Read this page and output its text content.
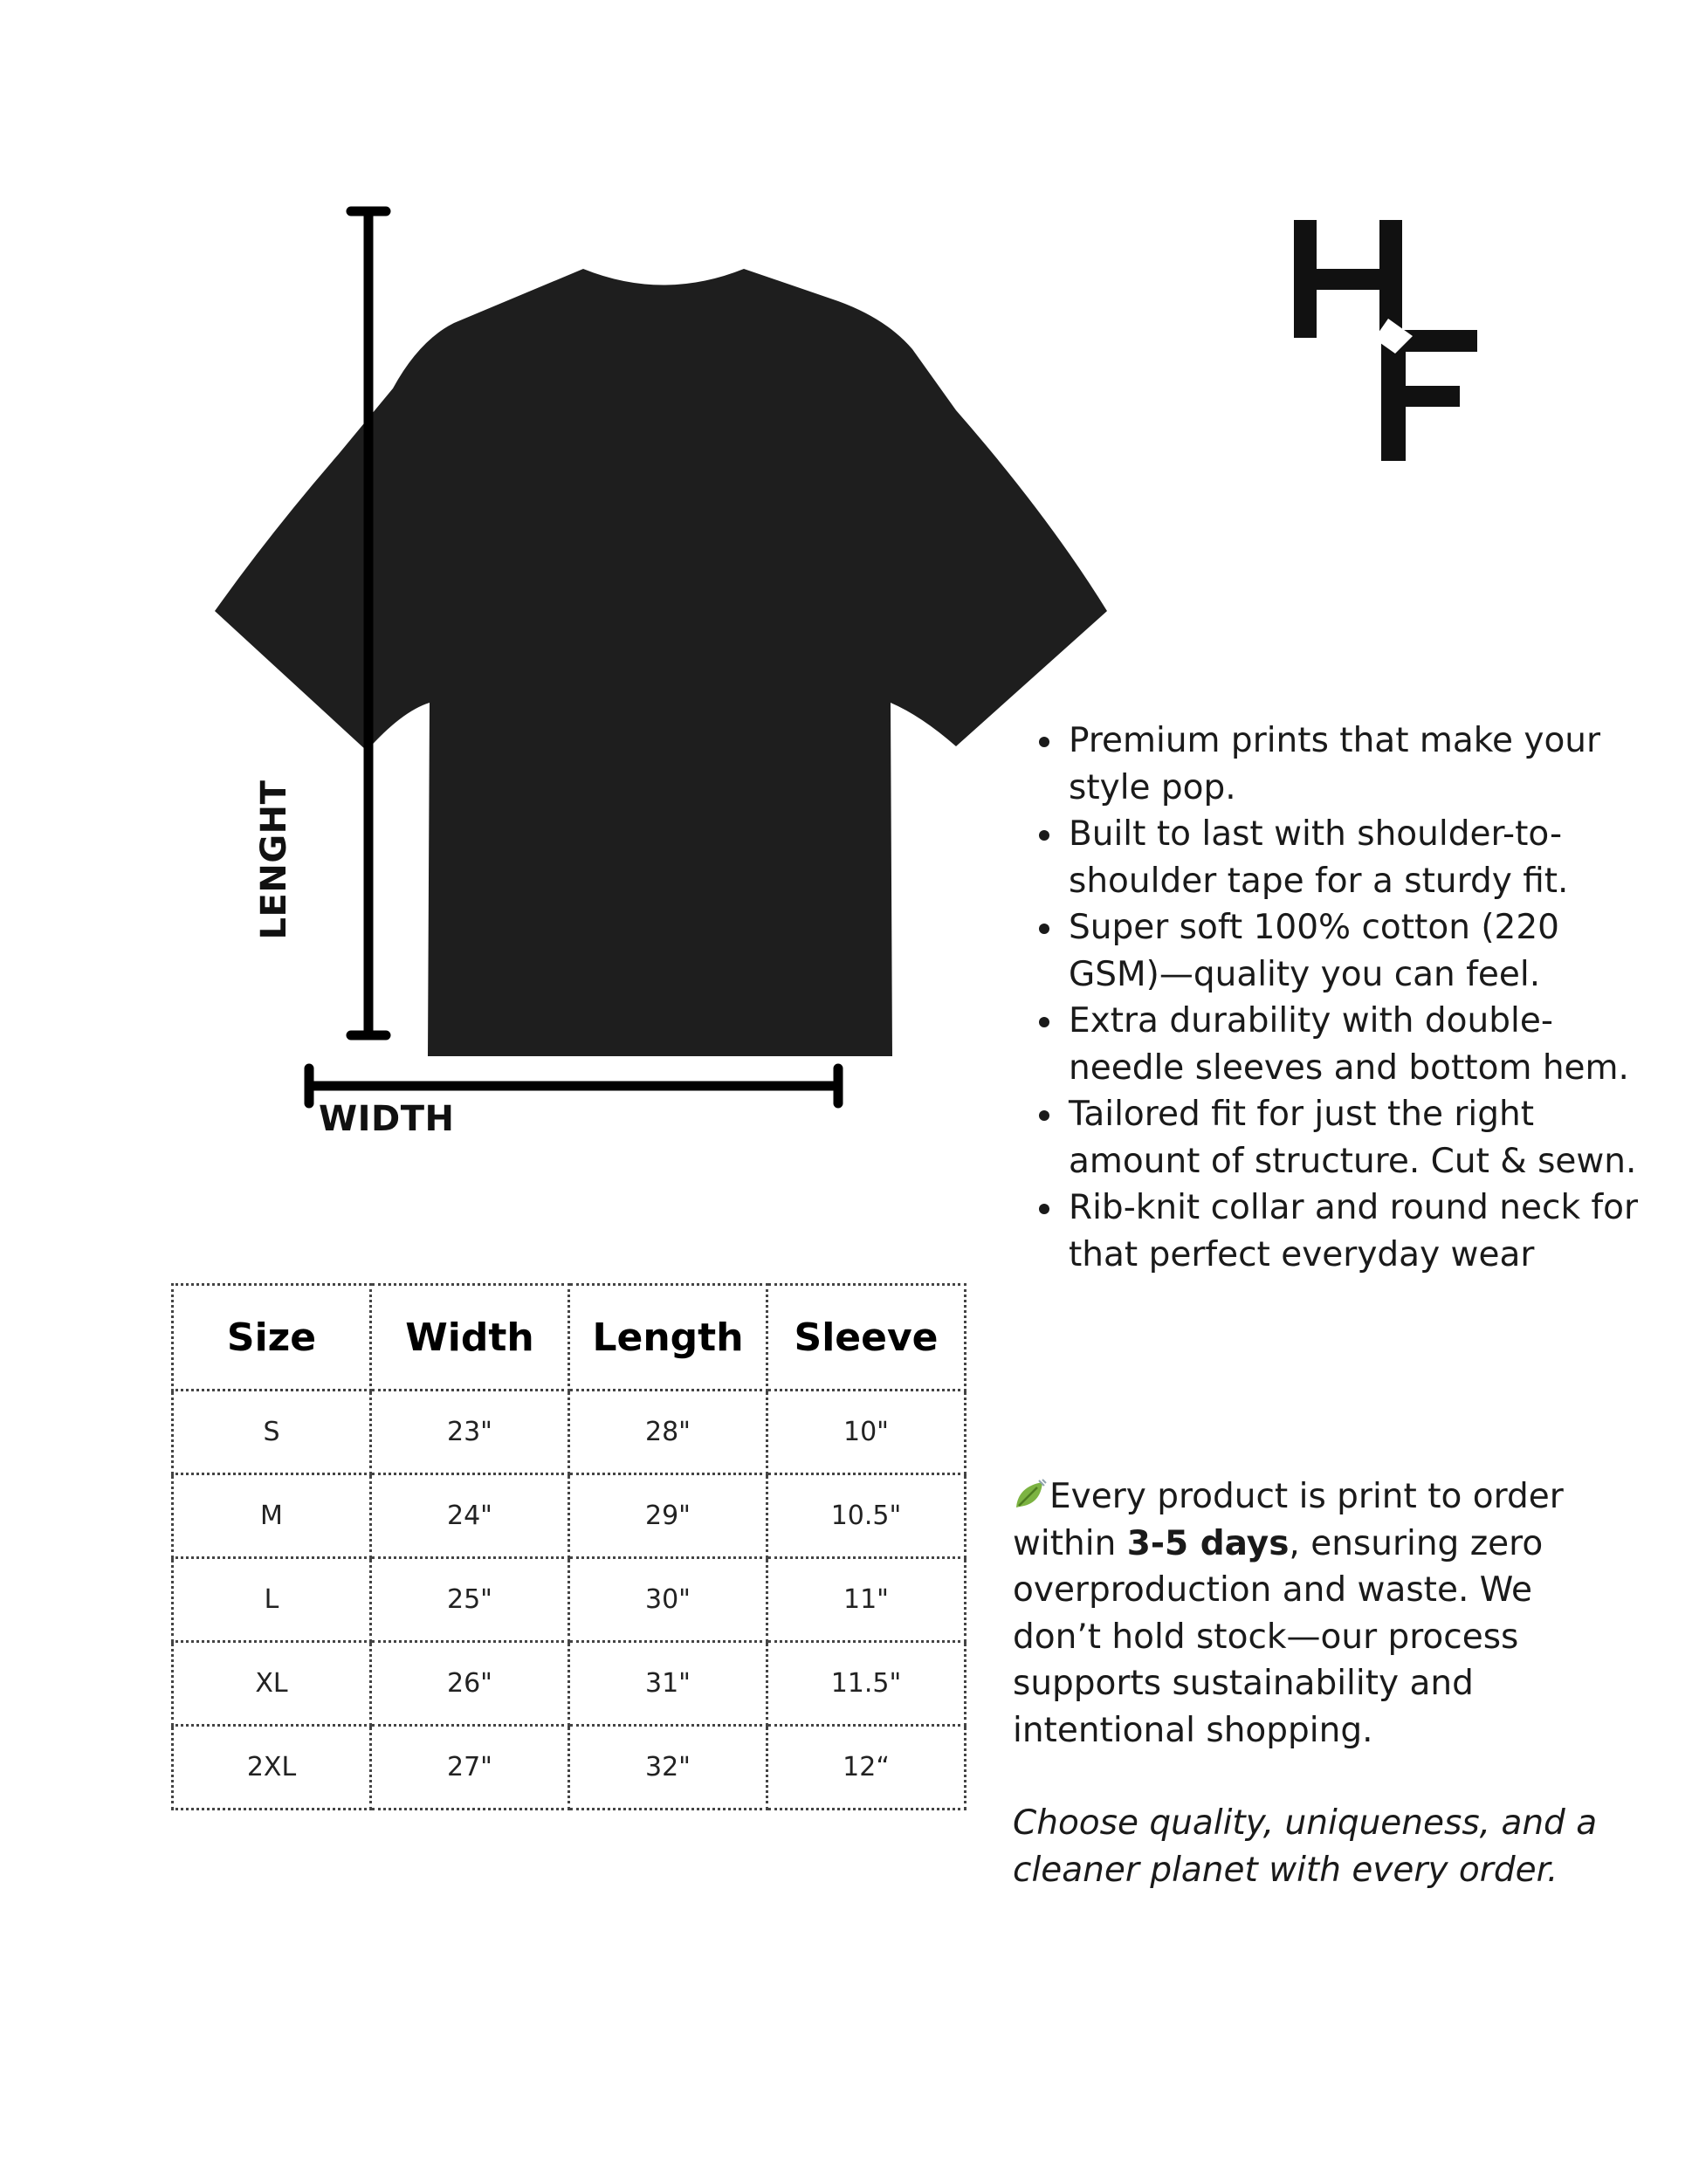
LENGHT
WIDTH
• Premium prints that make your style pop.
• Built to last with shoulder-to-shoulder tape for a sturdy fit.
• Super soft 100% cotton (220 GSM)—quality you can feel.
• Extra durability with double-needle sleeves and bottom hem.
• Tailored fit for just the right amount of structure. Cut & sewn.
• Rib-knit collar and round neck for that perfect everyday wear

Every product is print to order within 3-5 days, ensuring zero overproduction and waste. We don’t hold stock—our process supports sustainability and intentional shopping.

Choose quality, uniqueness, and a cleaner planet with every order.

Size	Width	Length	Sleeve
S	23"	28"	10"
M	24"	29"	10.5"
L	25"	30"	11"
XL	26"	31"	11.5"
2XL	27"	32"	12“
